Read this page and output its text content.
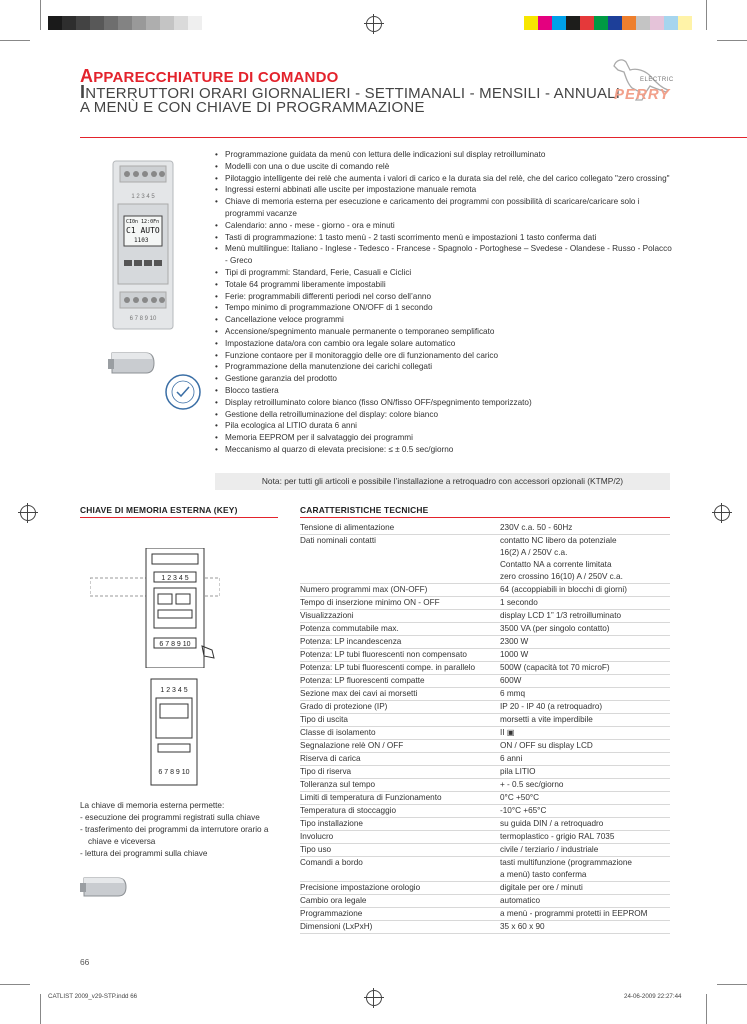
APPARECCHIATURE DI COMANDO
INTERRUTTORI ORARI GIORNALIERI - SETTIMANALI - MENSILI - ANNUALI
A MENÙ E CON CHIAVE DI PROGRAMMAZIONE
ELECTRIC
PERRY
1 2 3 4 5
CI0n 12:0Fn
C1 AUTO
1103
6 7 8 9 10
• Programmazione guidata da menù con lettura delle indicazioni sul display retroilluminato
• Modelli con una o due uscite di comando relè
• Pilotaggio intelligente dei relè che aumenta i valori di carico e la durata sia del relè, che del carico collegato "zero crossing"
• Ingressi esterni abbinati alle uscite per impostazione manuale remota
• Chiave di memoria esterna per esecuzione e caricamento dei programmi con possibilità di scaricare/caricare solo i programmi vacanze
• Calendario: anno - mese - giorno - ora e minuti
• Tasti di programmazione: 1 tasto menù - 2 tasti scorrimento menù e impostazioni 1 tasto conferma dati
• Menù multilingue: Italiano - Inglese - Tedesco - Francese - Spagnolo - Portoghese – Svedese - Olandese - Russo - Polacco - Greco
• Tipi di programmi: Standard, Ferie, Casuali e Ciclici
• Totale 64 programmi liberamente impostabili
• Ferie: programmabili differenti periodi nel corso dell’anno
• Tempo minimo di programmazione ON/OFF di 1 secondo
• Cancellazione veloce programmi
• Accensione/spegnimento manuale permanente o temporaneo semplificato
• Impostazione data/ora con cambio ora legale solare automatico
• Funzione contaore per il monitoraggio delle ore di funzionamento del carico
• Programmazione della manutenzione dei carichi collegati
• Gestione garanzia del prodotto
• Blocco tastiera
• Display retroilluminato colore bianco (fisso ON/fisso OFF/spegnimento temporizzato)
• Gestione della retroilluminazione del display: colore bianco
• Pila ecologica al LITIO durata 6 anni
• Memoria EEPROM per il salvataggio dei programmi
• Meccanismo al quarzo di elevata precisione: ≤ ± 0.5 sec/giorno
Nota: per tutti gli articoli e possibile l’installazione a retroquadro con accessori opzionali (KTMP/2)
CHIAVE DI MEMORIA ESTERNA (KEY)
1 2 3 4 5
6 7 8 9 10
1 2 3 4 5
6 7 8 9 10
La chiave di memoria esterna permette:
- esecuzione dei programmi registrati sulla chiave
- trasferimento dei programmi da interrutore orario a chiave e viceversa
- lettura dei programmi sulla chiave
CARATTERISTICHE TECNICHE
Tensione di alimentazione	230V c.a. 50 - 60Hz

Dati nominali contatti	contatto NC libero da potenziale
16(2) A / 250V c.a.
Contatto NA a corrente limitata
zero crossino 16(10) A / 250V c.a.

Numero programmi max (ON-OFF)	64 (accoppiabili in blocchi di giorni)

Tempo di inserzione minimo ON - OFF	1 secondo

Visualizzazioni	display LCD 1” 1/3 retroilluminato

Potenza commutabile max.	3500 VA (per singolo contatto)

Potenza: LP incandescenza	2300 W

Potenza: LP tubi fluorescenti non compensato	1000 W

Potenza: LP tubi fluorescenti compe. in parallelo	500W (capacità tot 70 microF)

Potenza: LP fluorescenti compatte	600W

Sezione max dei cavi ai morsetti	6 mmq

Grado di protezione (IP)	IP 20 - IP 40 (a retroquadro)

Tipo di uscita	morsetti a vite imperdibile

Classe di isolamento	II ▣

Segnalazione relè ON / OFF	ON / OFF su display LCD

Riserva di carica	6 anni

Tipo di riserva	pila LITIO

Tolleranza sul tempo	+ - 0.5 sec/giorno

Limiti di temperatura di Funzionamento	0°C +50°C

Temperatura di stoccaggio	-10°C +65°C

Tipo installazione	su guida DIN / a retroquadro

Involucro	termoplastico - grigio RAL 7035

Tipo uso	civile / terziario / industriale

Comandi a bordo	tasti multifunzione (programmazione
a menù) tasto conferma

Precisione impostazione orologio	digitale per ore / minuti

Cambio ora legale	automatico

Programmazione	a menù - programmi protetti in EEPROM

Dimensioni (LxPxH)	35 x 60 x 90
66
CATLIST 2009_v29-STP.indd 66	24-06-2009 22:27:44
